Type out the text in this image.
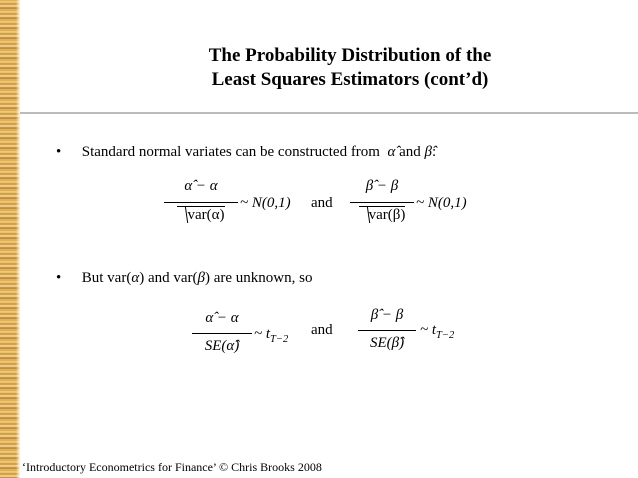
The Probability Distribution of the
Least Squares Estimators (cont’d)
• Standard normal variates can be constructed from  α̂ and β̂:
α̂ − α
var(α)
~ N(0,1) and
β̂ − β
var(β)
~ N(0,1)
• But var(α) and var(β) are unknown, so
α̂ − α
SE(α̂)
~ $t_{T-2}$
and
β̂ − β
SE(β̂)
~ $t_{T-2}$
‘Introductory Econometrics for Finance’ © Chris Brooks 2008
